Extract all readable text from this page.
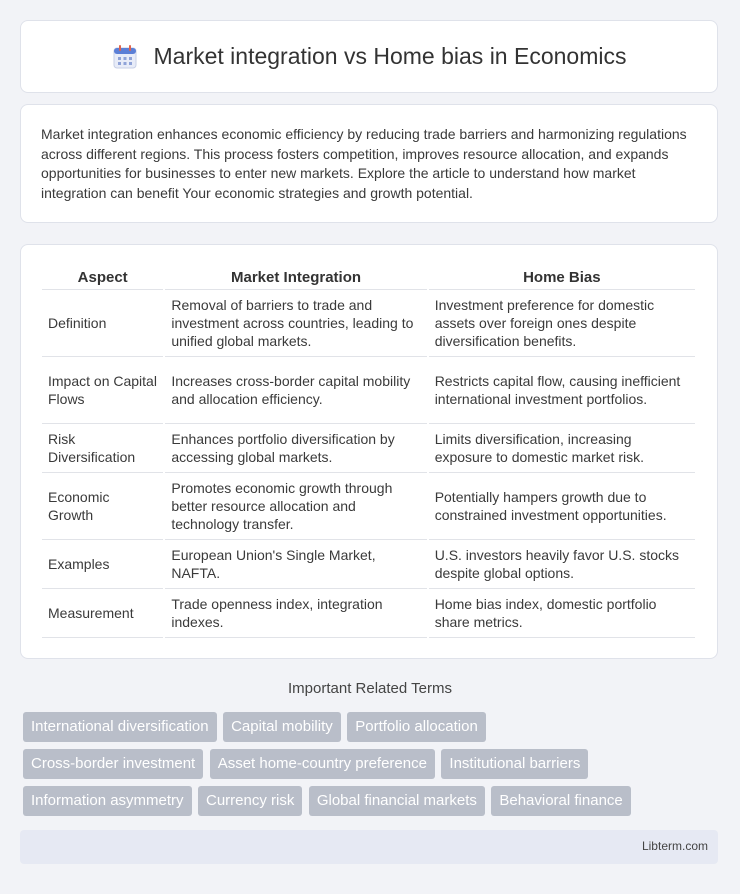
Market integration vs Home bias in Economics

Market integration enhances economic efficiency by reducing trade barriers and harmonizing regulations across different regions. This process fosters competition, improves resource allocation, and expands opportunities for businesses to enter new markets. Explore the article to understand how market integration can benefit Your economic strategies and growth potential.

Aspect	Market Integration	Home Bias
Definition	Removal of barriers to trade and investment across countries, leading to unified global markets.	Investment preference for domestic assets over foreign ones despite diversification benefits.
Impact on Capital Flows	Increases cross-border capital mobility and allocation efficiency.	Restricts capital flow, causing inefficient international investment portfolios.
Risk Diversification	Enhances portfolio diversification by accessing global markets.	Limits diversification, increasing exposure to domestic market risk.
Economic Growth	Promotes economic growth through better resource allocation and technology transfer.	Potentially hampers growth due to constrained investment opportunities.
Examples	European Union's Single Market, NAFTA.	U.S. investors heavily favor U.S. stocks despite global options.
Measurement	Trade openness index, integration indexes.	Home bias index, domestic portfolio share metrics.
Important Related Terms
International diversification Capital mobility Portfolio allocation
Cross-border investment Asset home-country preference Institutional barriers
Information asymmetry Currency risk Global financial markets Behavioral finance
Libterm.com
